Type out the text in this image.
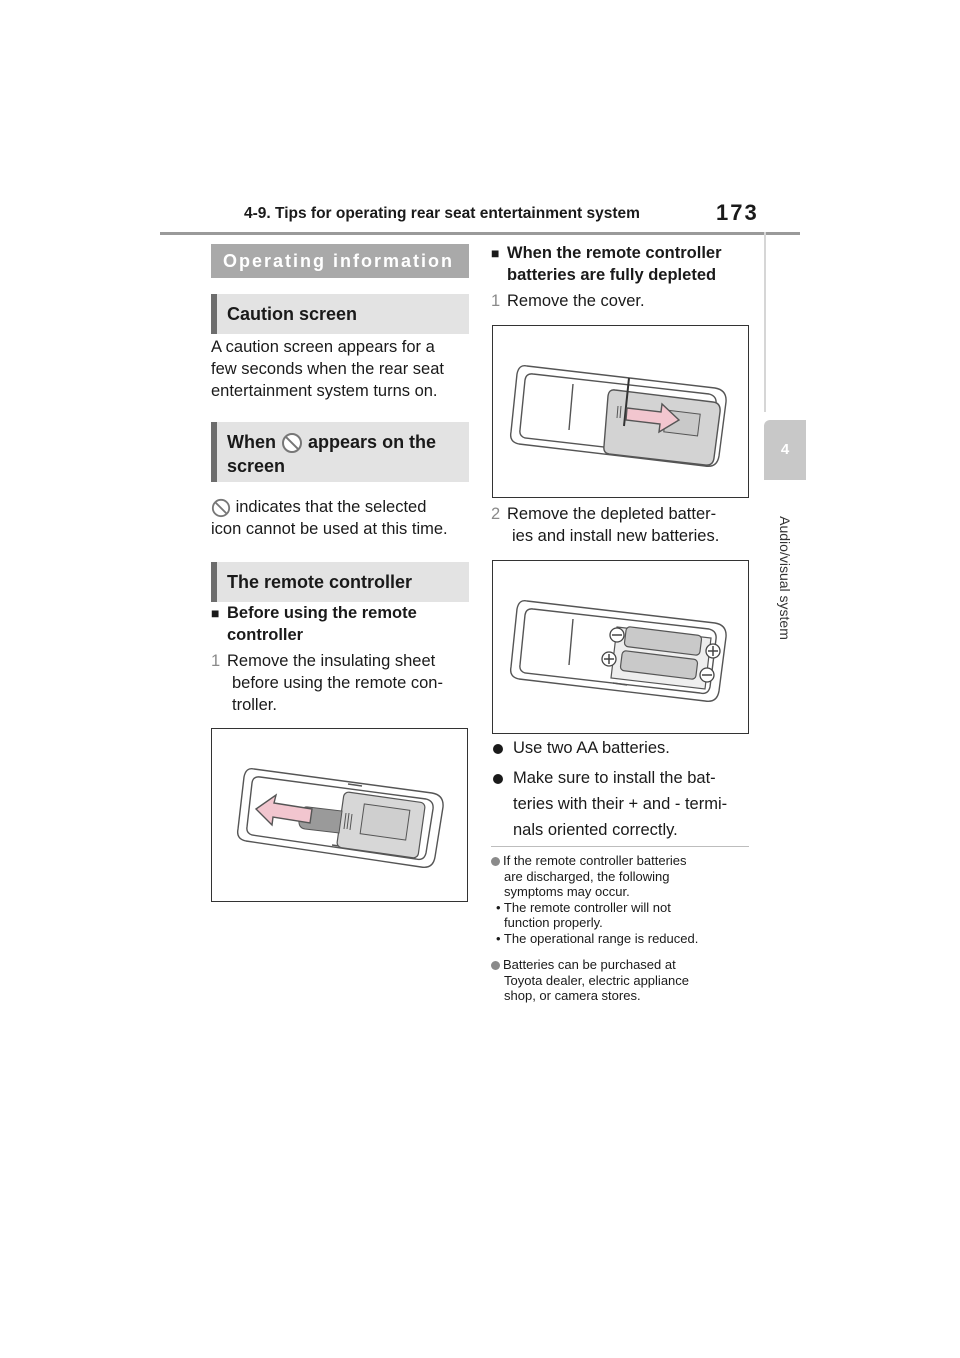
4-9. Tips for operating rear seat entertainment system	173
4
Audio/visual system
Operating information
Caution screen
A caution screen appears for a
few seconds when the rear seat
entertainment system turns on.
When appears on the
screen
indicates that the selected
icon cannot be used at this time.
The remote controller
■ Before using the remote
controller
1 Remove the insulating sheet
before using the remote con-
troller.
■ When the remote controller
batteries are fully depleted
1 Remove the cover.
2 Remove the depleted batter-
ies and install new batteries.
Use two AA batteries.
Make sure to install the bat-
teries with their + and - termi-
nals oriented correctly.
If the remote controller batteries
are discharged, the following
symptoms may occur.
• The remote controller will not
function properly.
• The operational range is reduced.
Batteries can be purchased at
Toyota dealer, electric appliance
shop, or camera stores.
